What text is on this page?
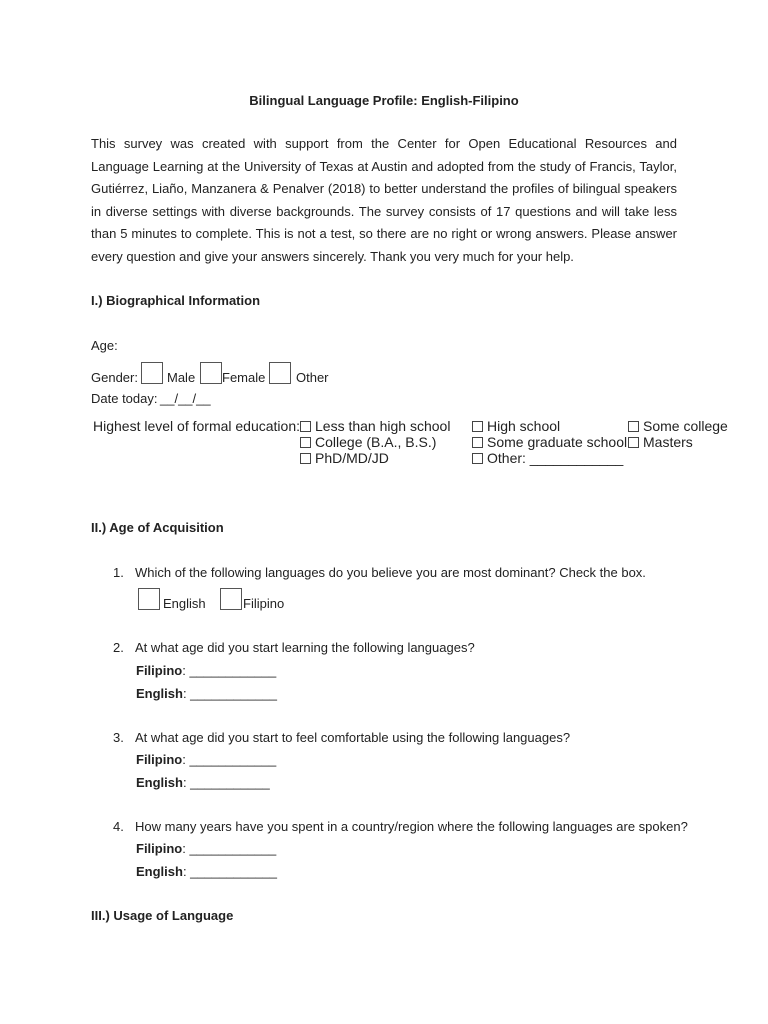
Bilingual Language Profile: English-Filipino
This survey was created with support from the Center for Open Educational Resources and Language Learning at the University of Texas at Austin and adopted from the study of Francis, Taylor, Gutiérrez, Liaño, Manzanera & Penalver (2018) to better understand the profiles of bilingual speakers in diverse settings with diverse backgrounds. The survey consists of 17 questions and will take less than 5 minutes to complete. This is not a test, so there are no right or wrong answers. Please answer every question and give your answers sincerely. Thank you very much for your help.
I.) Biographical Information
Age:
Gender: Male Female Other
Date today: __/__/__
Highest level of formal education:	Less than high school	High school	Some college
College (B.A., B.S.)	Some graduate school	Masters
PhD/MD/JD	Other: ____________
II.) Age of Acquisition
1. Which of the following languages do you believe you are most dominant? Check the box.
English	Filipino
2. At what age did you start learning the following languages?
Filipino: ____________
English: ____________
3. At what age did you start to feel comfortable using the following languages?
Filipino: ____________
English: ___________
4. How many years have you spent in a country/region where the following languages are spoken?
Filipino: ____________
English: ____________
III.) Usage of Language
